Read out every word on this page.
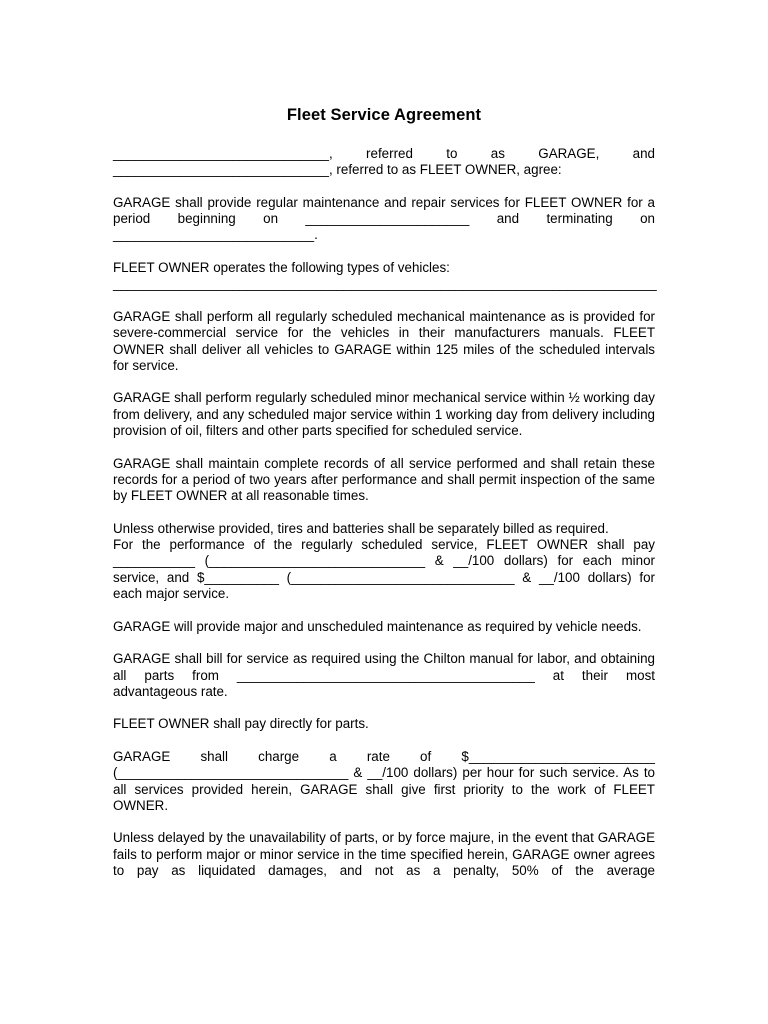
Fleet Service Agreement
_____________________________, referred to as GARAGE, and
_____________________________, referred to as FLEET OWNER, agree:
GARAGE shall provide regular maintenance and repair services for FLEET OWNER for a period beginning on ______________________ and terminating on ___________________________.
FLEET OWNER operates the following types of vehicles:
_________________________________________________________________________
GARAGE shall perform all regularly scheduled mechanical maintenance as is provided for severe-commercial service for the vehicles in their manufacturers manuals. FLEET OWNER shall deliver all vehicles to GARAGE within 125 miles of the scheduled intervals for service.
GARAGE shall perform regularly scheduled minor mechanical service within ½ working day from delivery, and any scheduled major service within 1 working day from delivery including provision of oil, filters and other parts specified for scheduled service.
GARAGE shall maintain complete records of all service performed and shall retain these records for a period of two years after performance and shall permit inspection of the same by FLEET OWNER at all reasonable times.
Unless otherwise provided, tires and batteries shall be separately billed as required.
For the performance of the regularly scheduled service, FLEET OWNER shall pay ___________ (_____________________________ & __/100 dollars) for each minor service, and $__________ (______________________________ & __/100 dollars) for each major service.
GARAGE will provide major and unscheduled maintenance as required by vehicle needs.
GARAGE shall bill for service as required using the Chilton manual for labor, and obtaining all parts from ________________________________________ at their most advantageous rate.
FLEET OWNER shall pay directly for parts.
GARAGE shall charge a rate of $_________________________ (_______________________________ & __/100 dollars) per hour for such service. As to all services provided herein, GARAGE shall give first priority to the work of FLEET OWNER.
Unless delayed by the unavailability of parts, or by force majure, in the event that GARAGE fails to perform major or minor service in the time specified herein, GARAGE owner agrees to pay as liquidated damages, and not as a penalty, 50% of the average
